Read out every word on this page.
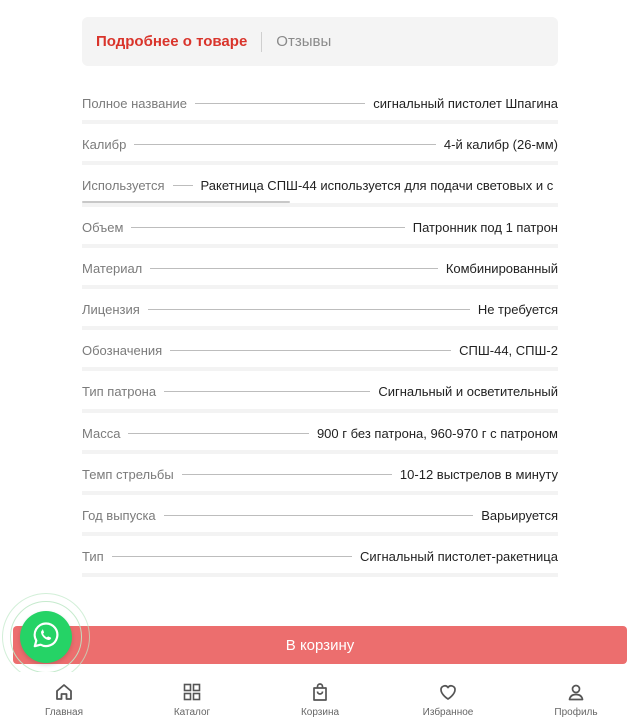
Подробнее о товаре	Отзывы
Полное название	сигнальный пистолет Шпагина
Калибр	4-й калибр (26-мм)
Используется	Ракетница СПШ-44 используется для подачи световых и с
Объем	Патронник под 1 патрон
Материал	Комбинированный
Лицензия	Не требуется
Обозначения	СПШ-44, СПШ-2
Тип патрона	Сигнальный и осветительный
Масса	900 г без патрона, 960-970 г с патроном
Темп стрельбы	10-12 выстрелов в минуту
Год выпуска	Варьируется
Тип	Сигнальный пистолет-ракетница
В корзину
Главная	Каталог	Корзина	Избранное	Профиль
